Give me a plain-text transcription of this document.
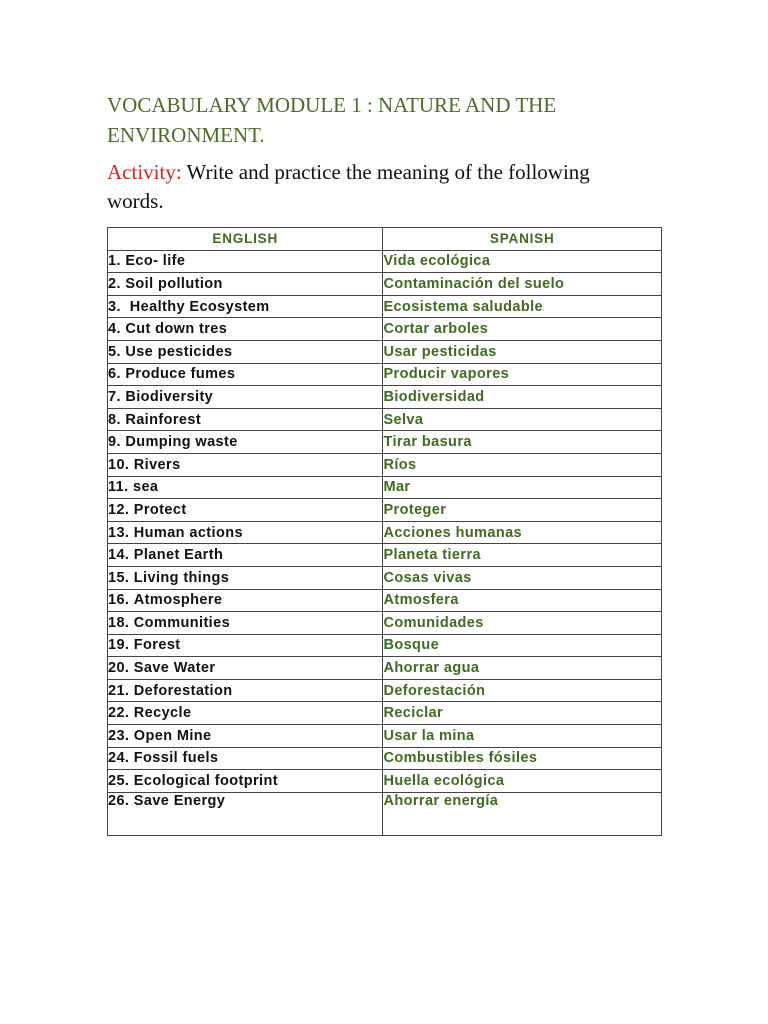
VOCABULARY MODULE 1 : NATURE AND THE ENVIRONMENT.

Activity: Write and practice the meaning of the following words.

ENGLISH	SPANISH
1. Eco- life	Vida ecológica
2. Soil pollution	Contaminación del suelo
3.  Healthy Ecosystem	Ecosistema saludable
4. Cut down tres	Cortar arboles
5. Use pesticides	Usar pesticidas
6. Produce fumes	Producir vapores
7. Biodiversity	Biodiversidad
8. Rainforest	Selva
9. Dumping waste	Tirar basura
10. Rivers	Ríos
11. sea	Mar
12. Protect	Proteger
13. Human actions	Acciones humanas
14. Planet Earth	Planeta tierra
15. Living things	Cosas vivas
16. Atmosphere	Atmosfera
18. Communities	Comunidades
19. Forest	Bosque
20. Save Water	Ahorrar agua
21. Deforestation	Deforestación
22. Recycle	Reciclar
23. Open Mine	Usar la mina
24. Fossil fuels	Combustibles fósiles
25. Ecological footprint	Huella ecológica
26. Save Energy	Ahorrar energía
